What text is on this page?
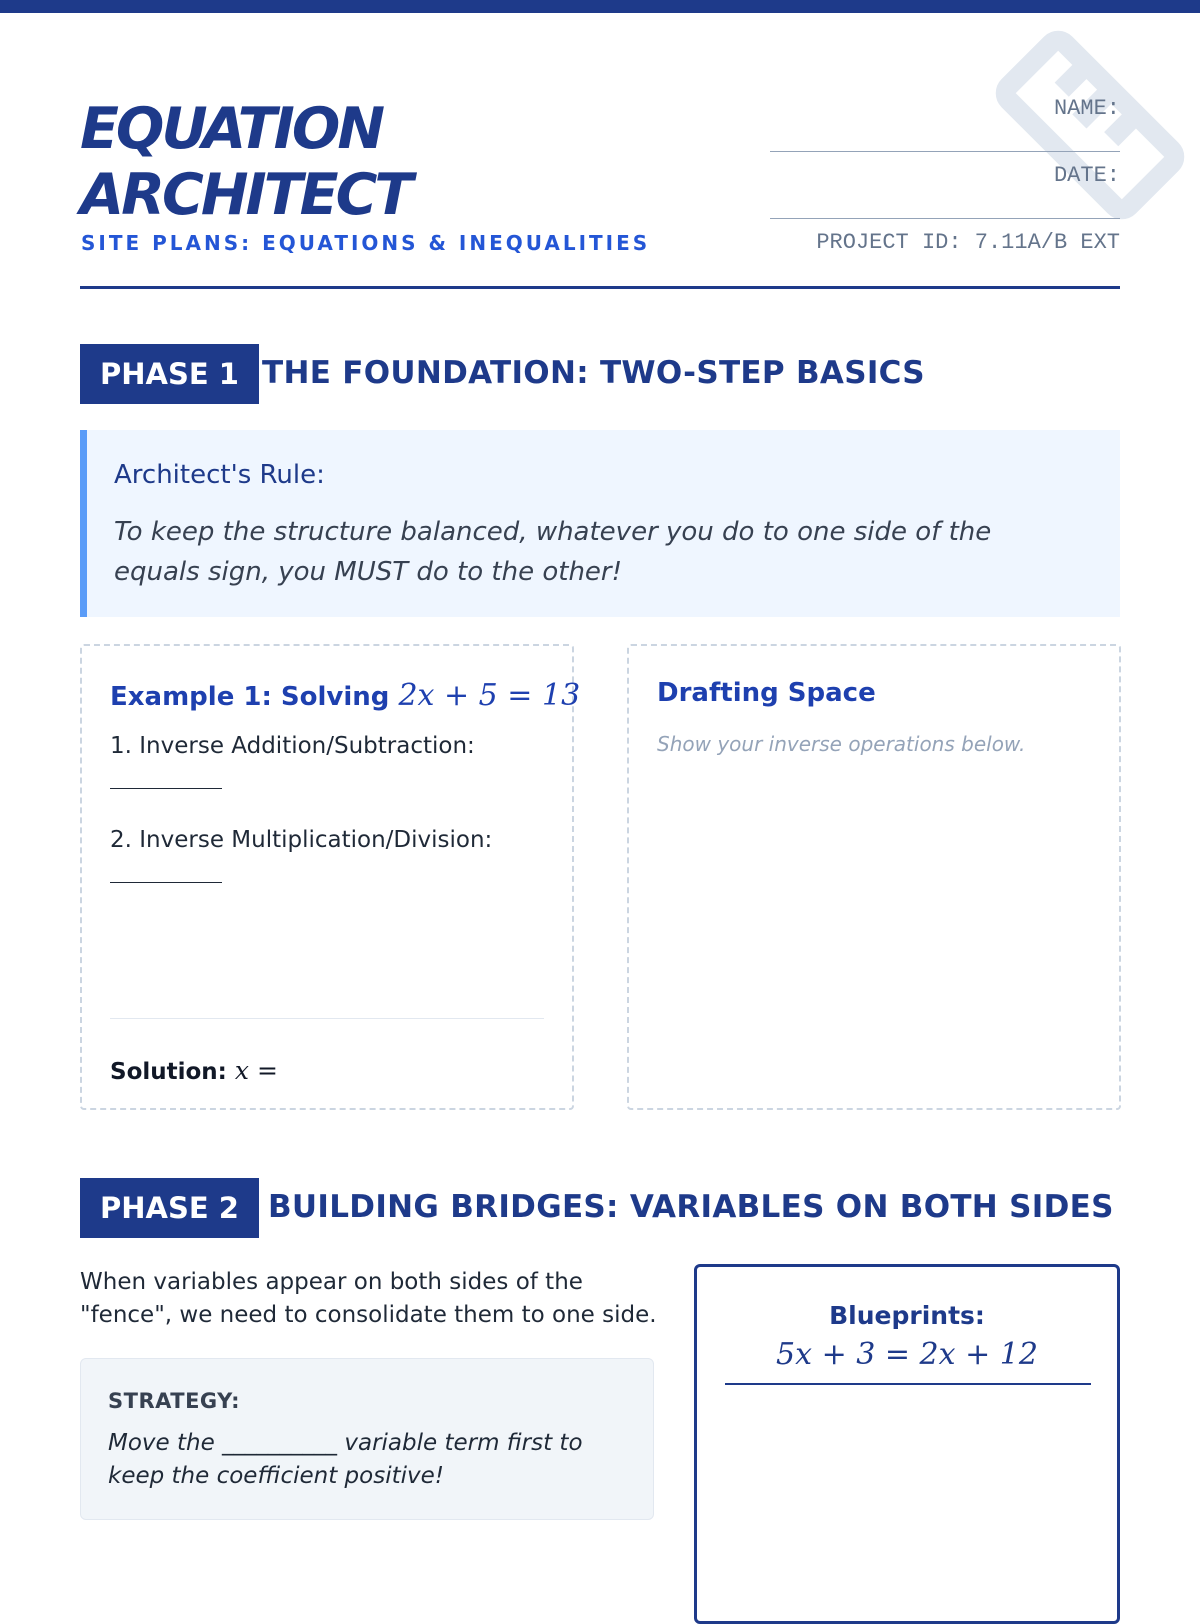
EQUATION
ARCHITECT
SITE PLANS: EQUATIONS & INEQUALITIES
NAME:
DATE:
PROJECT ID: 7.11A/B EXT
PHASE 1 THE FOUNDATION: TWO-STEP BASICS
Architect's Rule:
To keep the structure balanced, whatever you do to one side of the equals sign, you MUST do to the other!
Example 1: Solving 2x + 5 = 13
1. Inverse Addition/Subtraction:
2. Inverse Multiplication/Division:
Solution: x =
Drafting Space
Show your inverse operations below.
PHASE 2 BUILDING BRIDGES: VARIABLES ON BOTH SIDES
When variables appear on both sides of the "fence", we need to consolidate them to one side.
STRATEGY:
Move the __________ variable term first to keep the coefficient positive!
Blueprints:
5x + 3 = 2x + 12
